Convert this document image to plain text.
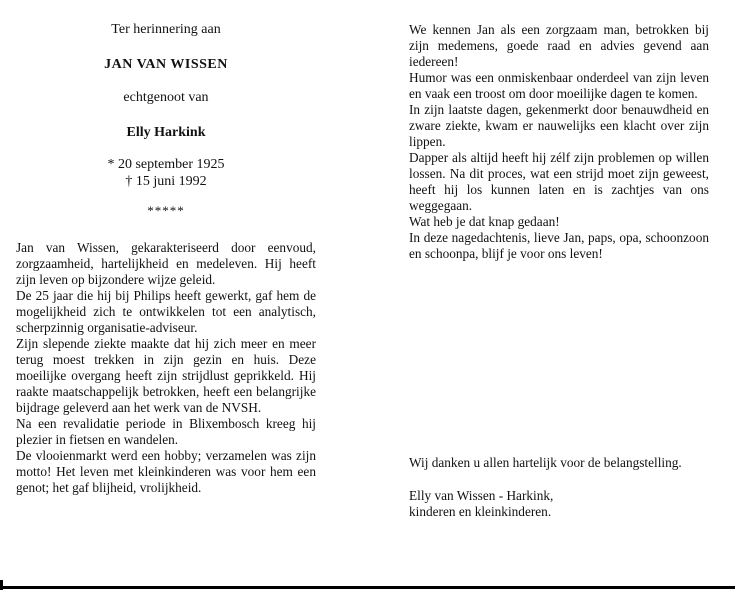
Ter herinnering aan
JAN VAN WISSEN
echtgenoot van
Elly Harkink
* 20 september 1925
† 15 juni 1992
*****

Jan van Wissen, gekarakteriseerd door eenvoud, zorgzaamheid, hartelijkheid en medeleven. Hij heeft zijn leven op bijzondere wijze geleid.

De 25 jaar die hij bij Philips heeft gewerkt, gaf hem de mogelijkheid zich te ontwikkelen tot een analytisch, scherpzinnig organisatie-adviseur.

Zijn slepende ziekte maakte dat hij zich meer en meer terug moest trekken in zijn gezin en huis. Deze moeilijke overgang heeft zijn strijdlust geprikkeld. Hij raakte maatschappelijk betrokken, heeft een belangrijke bijdrage geleverd aan het werk van de NVSH.

Na een revalidatie periode in Blixembosch kreeg hij plezier in fietsen en wandelen.

De vlooienmarkt werd een hobby; verzamelen was zijn motto! Het leven met kleinkinderen was voor hem een genot; het gaf blijheid, vrolijkheid.

We kennen Jan als een zorgzaam man, betrokken bij zijn medemens, goede raad en advies gevend aan iedereen!

Humor was een onmiskenbaar onderdeel van zijn leven en vaak een troost om door moeilijke dagen te komen.

In zijn laatste dagen, gekenmerkt door benauwdheid en zware ziekte, kwam er nauwelijks een klacht over zijn lippen.

Dapper als altijd heeft hij zélf zijn problemen op willen lossen. Na dit proces, wat een strijd moet zijn geweest, heeft hij los kunnen laten en is zachtjes van ons weggegaan.

Wat heb je dat knap gedaan!

In deze nagedachtenis, lieve Jan, paps, opa, schoonzoon en schoonpa, blijf je voor ons leven!

Wij danken u allen hartelijk voor de belangstelling.

Elly van Wissen - Harkink,
kinderen en kleinkinderen.
